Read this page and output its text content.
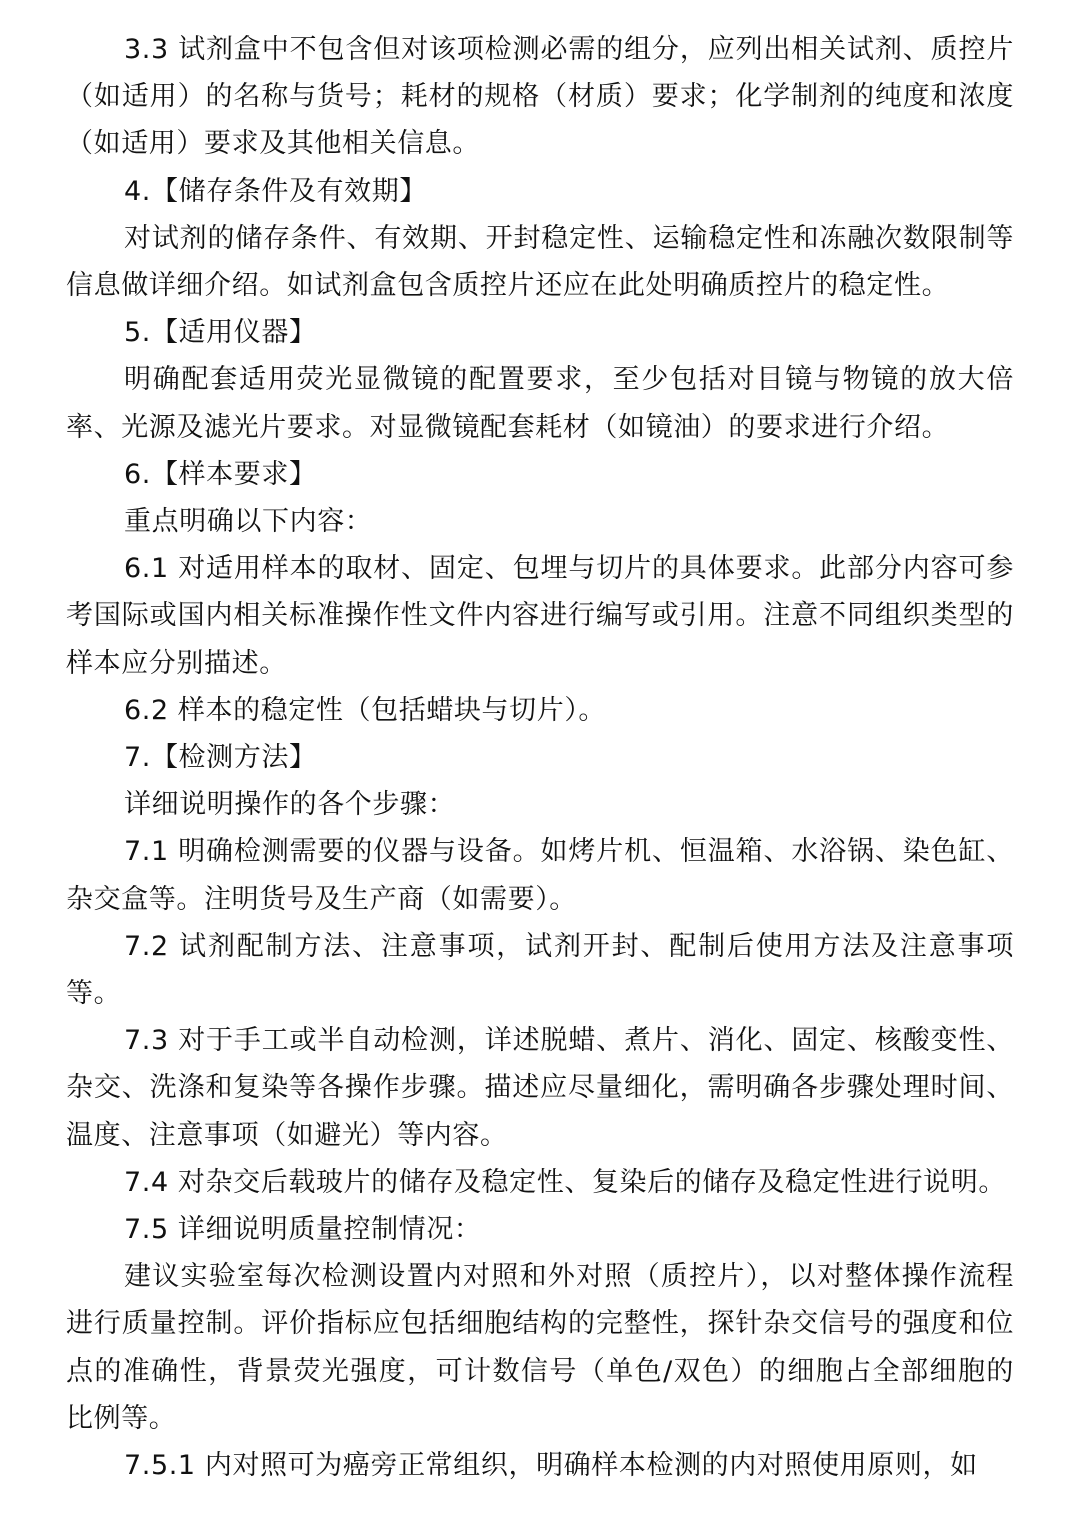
3.3 试剂盒中不包含但对该项检测必需的组分，应列出相关试剂、质控片（如适用）的名称与货号；耗材的规格（材质）要求；化学制剂的纯度和浓度（如适用）要求及其他相关信息。

4.【储存条件及有效期】

对试剂的储存条件、有效期、开封稳定性、运输稳定性和冻融次数限制等信息做详细介绍。如试剂盒包含质控片还应在此处明确质控片的稳定性。

5.【适用仪器】

明确配套适用荧光显微镜的配置要求，至少包括对目镜与物镜的放大倍率、光源及滤光片要求。对显微镜配套耗材（如镜油）的要求进行介绍。

6.【样本要求】

重点明确以下内容：

6.1 对适用样本的取材、固定、包埋与切片的具体要求。此部分内容可参考国际或国内相关标准操作性文件内容进行编写或引用。注意不同组织类型的样本应分别描述。

6.2 样本的稳定性（包括蜡块与切片）。

7.【检测方法】

详细说明操作的各个步骤：

7.1 明确检测需要的仪器与设备。如烤片机、恒温箱、水浴锅、染色缸、杂交盒等。注明货号及生产商（如需要）。

7.2 试剂配制方法、注意事项，试剂开封、配制后使用方法及注意事项等。

7.3 对于手工或半自动检测，详述脱蜡、煮片、消化、固定、核酸变性、杂交、洗涤和复染等各操作步骤。描述应尽量细化，需明确各步骤处理时间、温度、注意事项（如避光）等内容。

7.4 对杂交后载玻片的储存及稳定性、复染后的储存及稳定性进行说明。

7.5 详细说明质量控制情况：

建议实验室每次检测设置内对照和外对照（质控片），以对整体操作流程进行质量控制。评价指标应包括细胞结构的完整性，探针杂交信号的强度和位点的准确性，背景荧光强度，可计数信号（单色/双色）的细胞占全部细胞的比例等。

7.5.1 内对照可为癌旁正常组织，明确样本检测的内对照使用原则，如
